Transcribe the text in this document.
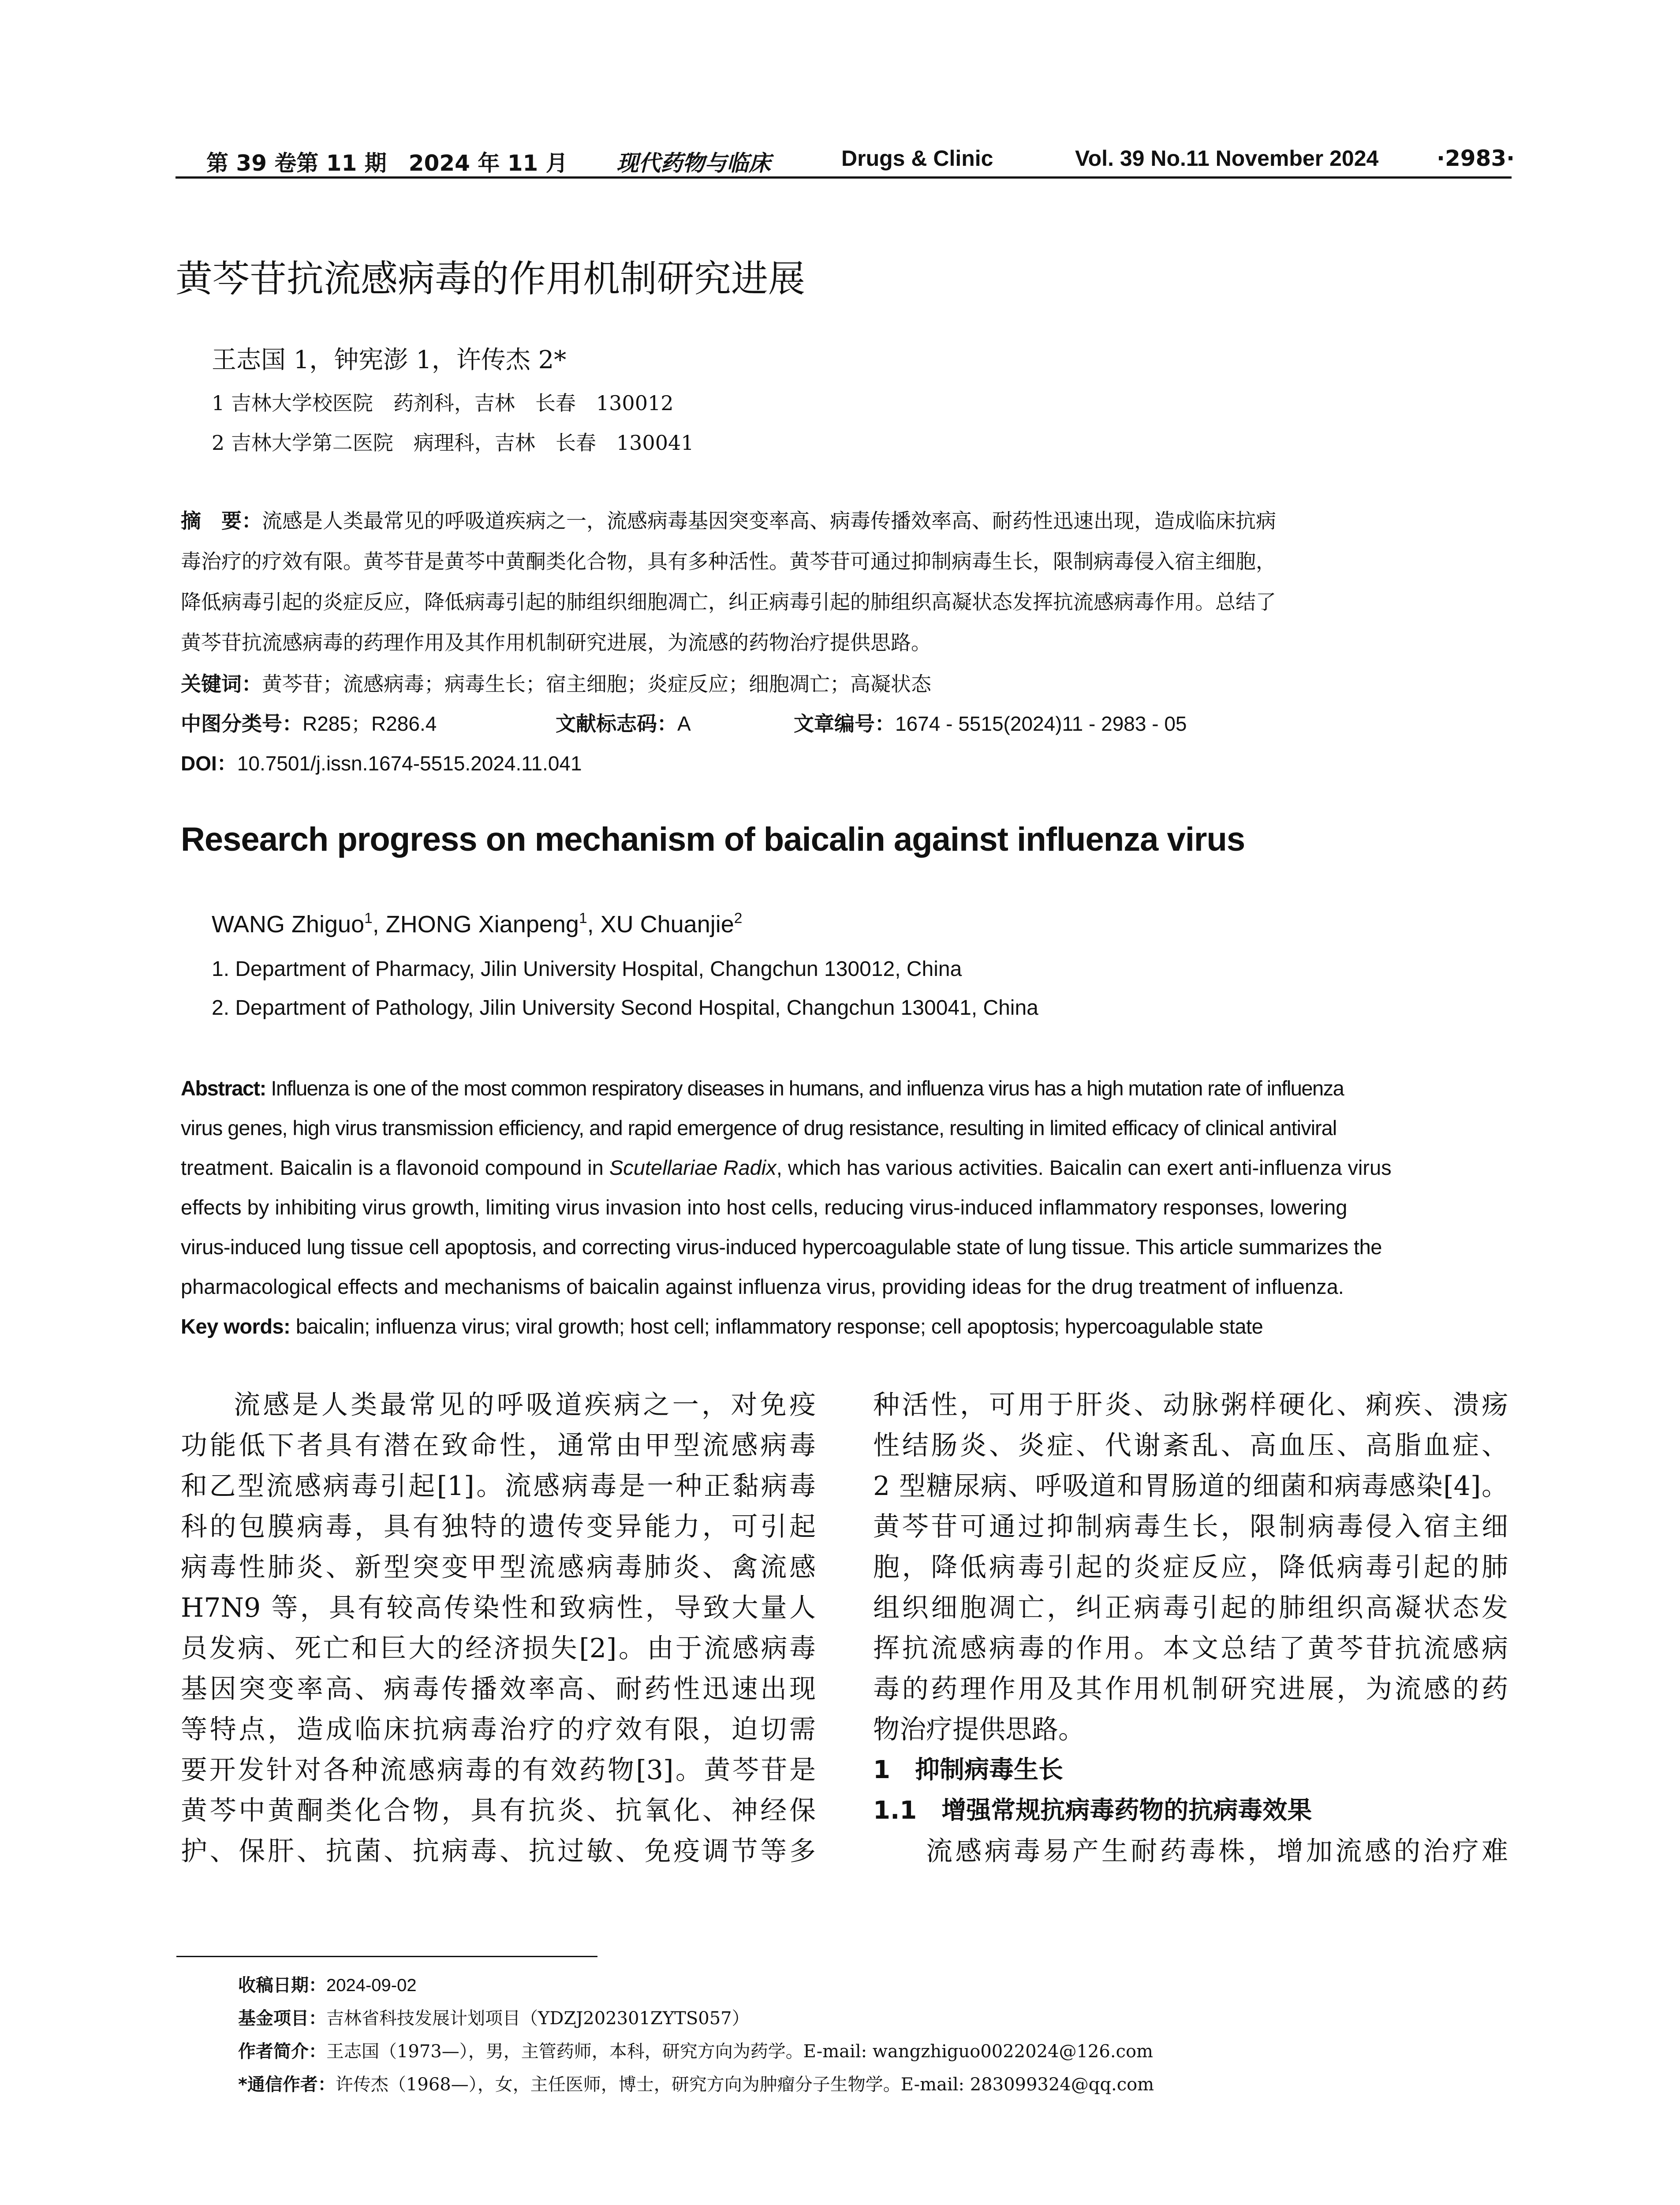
第 39 卷第 11 期　2024 年 11 月 现代药物与临床	Drugs & Clinic	Vol. 39 No.11 November 2024	·2983·
黄芩苷抗流感病毒的作用机制研究进展
王志国 1，钟宪澎 1，许传杰 2*
1 吉林大学校医院　药剂科，吉林　长春　130012
2 吉林大学第二医院　病理科，吉林　长春　130041
摘　要：流感是人类最常见的呼吸道疾病之一，流感病毒基因突变率高、病毒传播效率高、耐药性迅速出现，造成临床抗病
毒治疗的疗效有限。黄芩苷是黄芩中黄酮类化合物，具有多种活性。黄芩苷可通过抑制病毒生长，限制病毒侵入宿主细胞，
降低病毒引起的炎症反应，降低病毒引起的肺组织细胞凋亡，纠正病毒引起的肺组织高凝状态发挥抗流感病毒作用。总结了
黄芩苷抗流感病毒的药理作用及其作用机制研究进展，为流感的药物治疗提供思路。
关键词：黄芩苷；流感病毒；病毒生长；宿主细胞；炎症反应；细胞凋亡；高凝状态
中图分类号：R285；R286.4	文献标志码：A	文章编号：1674 - 5515(2024)11 - 2983 - 05
DOI：10.7501/j.issn.1674-5515.2024.11.041
Research progress on mechanism of baicalin against influenza virus
WANG Zhiguo$^1$, ZHONG Xianpeng$^1$, XU Chuanjie$^2$
1. Department of Pharmacy, Jilin University Hospital, Changchun 130012, China
2. Department of Pathology, Jilin University Second Hospital, Changchun 130041, China
Abstract: Influenza is one of the most common respiratory diseases in humans, and influenza virus has a high mutation rate of influenza
virus genes, high virus transmission efficiency, and rapid emergence of drug resistance, resulting in limited efficacy of clinical antiviral
treatment. Baicalin is a flavonoid compound in Scutellariae Radix, which has various activities. Baicalin can exert anti-influenza virus
effects by inhibiting virus growth, limiting virus invasion into host cells, reducing virus-induced inflammatory responses, lowering
virus-induced lung tissue cell apoptosis, and correcting virus-induced hypercoagulable state of lung tissue. This article summarizes the
pharmacological effects and mechanisms of baicalin against influenza virus, providing ideas for the drug treatment of influenza.
Key words: baicalin; influenza virus; viral growth; host cell; inflammatory response; cell apoptosis; hypercoagulable state
流感是人类最常见的呼吸道疾病之一，对免疫
功能低下者具有潜在致命性，通常由甲型流感病毒
和乙型流感病毒引起[1]。流感病毒是一种正黏病毒
科的包膜病毒，具有独特的遗传变异能力，可引起
病毒性肺炎、新型突变甲型流感病毒肺炎、禽流感
H7N9 等，具有较高传染性和致病性，导致大量人
员发病、死亡和巨大的经济损失[2]。由于流感病毒
基因突变率高、病毒传播效率高、耐药性迅速出现
等特点，造成临床抗病毒治疗的疗效有限，迫切需
要开发针对各种流感病毒的有效药物[3]。黄芩苷是
黄芩中黄酮类化合物，具有抗炎、抗氧化、神经保
护、保肝、抗菌、抗病毒、抗过敏、免疫调节等多
种活性，可用于肝炎、动脉粥样硬化、痢疾、溃疡
性结肠炎、炎症、代谢紊乱、高血压、高脂血症、
2 型糖尿病、呼吸道和胃肠道的细菌和病毒感染[4]。
黄芩苷可通过抑制病毒生长，限制病毒侵入宿主细
胞，降低病毒引起的炎症反应，降低病毒引起的肺
组织细胞凋亡，纠正病毒引起的肺组织高凝状态发
挥抗流感病毒的作用。本文总结了黄芩苷抗流感病
毒的药理作用及其作用机制研究进展，为流感的药
物治疗提供思路。
1　抑制病毒生长
1.1　增强常规抗病毒药物的抗病毒效果
流感病毒易产生耐药毒株，增加流感的治疗难
收稿日期：2024-09-02
基金项目：吉林省科技发展计划项目（YDZJ202301ZYTS057）
作者简介：王志国（1973—），男，主管药师，本科，研究方向为药学。E-mail: wangzhiguo0022024@126.com
*通信作者：许传杰（1968—），女，主任医师，博士，研究方向为肿瘤分子生物学。E-mail: 283099324@qq.com
